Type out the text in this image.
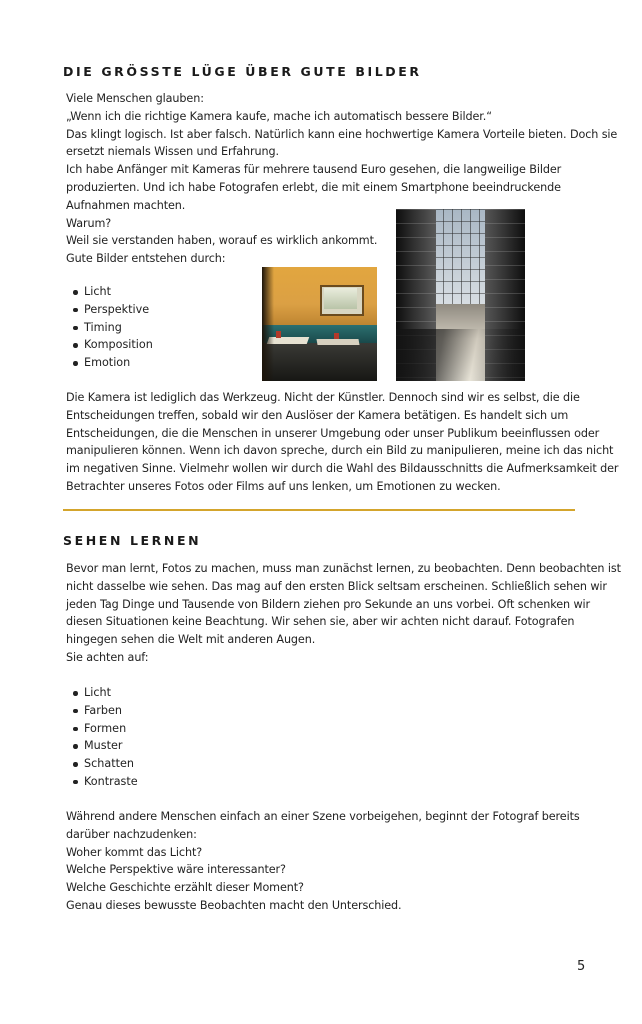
DIE GRÖSSTE LÜGE ÜBER GUTE BILDER
Viele Menschen glauben:
„Wenn ich die richtige Kamera kaufe, mache ich automatisch bessere Bilder.“
Das klingt logisch. Ist aber falsch. Natürlich kann eine hochwertige Kamera Vorteile bieten. Doch sie
ersetzt niemals Wissen und Erfahrung.
Ich habe Anfänger mit Kameras für mehrere tausend Euro gesehen, die langweilige Bilder
produzierten. Und ich habe Fotografen erlebt, die mit einem Smartphone beeindruckende
Aufnahmen machten.
Warum?
Weil sie verstanden haben, worauf es wirklich ankommt.
Gute Bilder entstehen durch:
Licht
Perspektive
Timing
Komposition
Emotion
Die Kamera ist lediglich das Werkzeug. Nicht der Künstler. Dennoch sind wir es selbst, die die
Entscheidungen treffen, sobald wir den Auslöser der Kamera betätigen. Es handelt sich um
Entscheidungen, die die Menschen in unserer Umgebung oder unser Publikum beeinflussen oder
manipulieren können. Wenn ich davon spreche, durch ein Bild zu manipulieren, meine ich das nicht
im negativen Sinne. Vielmehr wollen wir durch die Wahl des Bildausschnitts die Aufmerksamkeit der
Betrachter unseres Fotos oder Films auf uns lenken, um Emotionen zu wecken.
SEHEN LERNEN
Bevor man lernt, Fotos zu machen, muss man zunächst lernen, zu beobachten. Denn beobachten ist
nicht dasselbe wie sehen. Das mag auf den ersten Blick seltsam erscheinen. Schließlich sehen wir
jeden Tag Dinge und Tausende von Bildern ziehen pro Sekunde an uns vorbei. Oft schenken wir
diesen Situationen keine Beachtung. Wir sehen sie, aber wir achten nicht darauf. Fotografen
hingegen sehen die Welt mit anderen Augen.
Sie achten auf:
Licht
Farben
Formen
Muster
Schatten
Kontraste
Während andere Menschen einfach an einer Szene vorbeigehen, beginnt der Fotograf bereits
darüber nachzudenken:
Woher kommt das Licht?
Welche Perspektive wäre interessanter?
Welche Geschichte erzählt dieser Moment?
Genau dieses bewusste Beobachten macht den Unterschied.
5
